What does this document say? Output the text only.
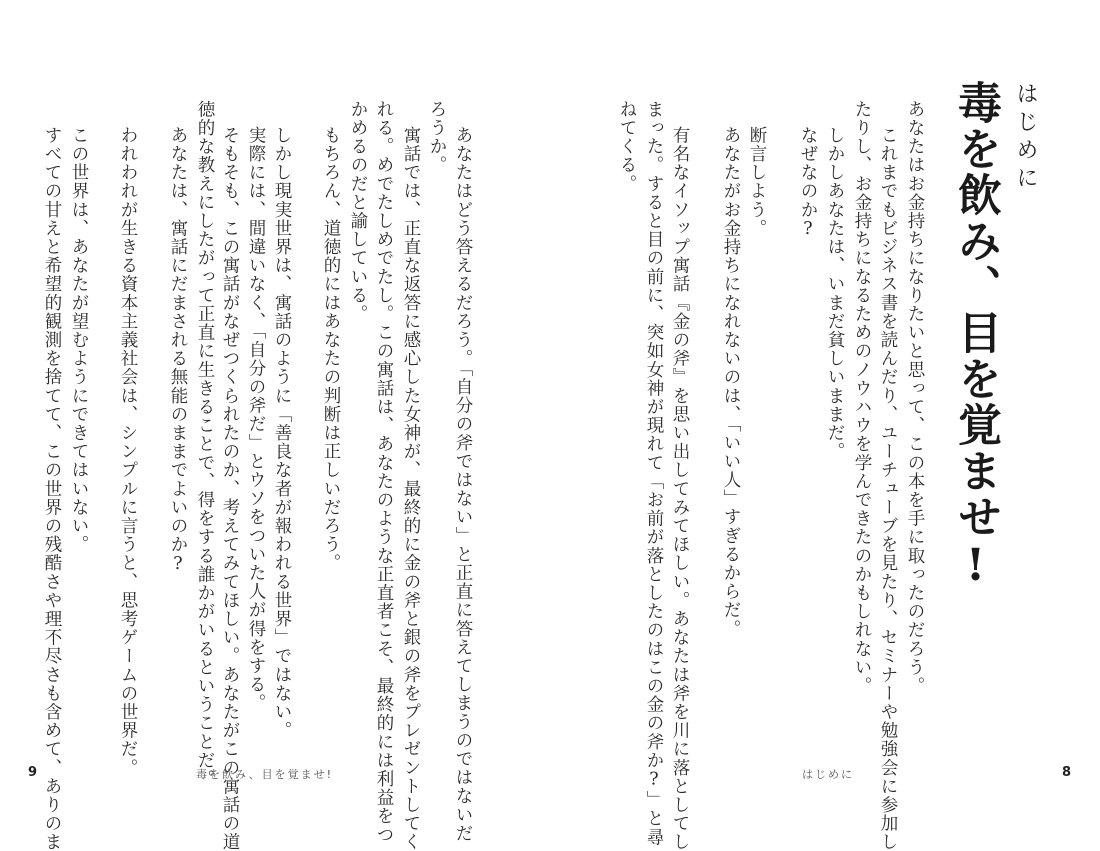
はじめに
毒を飲み、目を覚ませ!
あなたはお金持ちになりたいと思って、この本を手に取ったのだろう。
これまでもビジネス書を読んだり、ユーチューブを見たり、セミナーや勉強会に参加し
たりし、お金持ちになるためのノウハウを学んできたのかもしれない。
しかしあなたは、いまだ貧しいままだ。
なぜなのか?
断言しよう。
あなたがお金持ちになれないのは、「いい人」すぎるからだ。
有名なイソップ寓話『金の斧』を思い出してみてほしい。あなたは斧を川に落としてし
まった。すると目の前に、突如女神が現れて「お前が落としたのはこの金の斧か?」と尋
ねてくる。
あなたはどう答えるだろう。「自分の斧ではない」と正直に答えてしまうのではないだ
ろうか。
寓話では、正直な返答に感心した女神が、最終的に金の斧と銀の斧をプレゼントしてく
れる。めでたしめでたし。この寓話は、あなたのような正直者こそ、最終的には利益をつ
かめるのだと諭している。
もちろん、道徳的にはあなたの判断は正しいだろう。
しかし現実世界は、寓話のように「善良な者が報われる世界」ではない。
実際には、間違いなく、「自分の斧だ」とウソをついた人が得をする。
そもそも、この寓話がなぜつくられたのか、考えてみてほしい。あなたがこの寓話の道
徳的な教えにしたがって正直に生きることで、得をする誰かがいるということだ。
あなたは、寓話にだまされる無能のままでよいのか?
われわれが生きる資本主義社会は、シンプルに言うと、思考ゲームの世界だ。
この世界は、あなたが望むようにできてはいない。
すべての甘えと希望的観測を捨てて、この世界の残酷さや理不尽さも含めて、ありのま
9	毒を飲み、目を覚ませ!	はじめに	8
